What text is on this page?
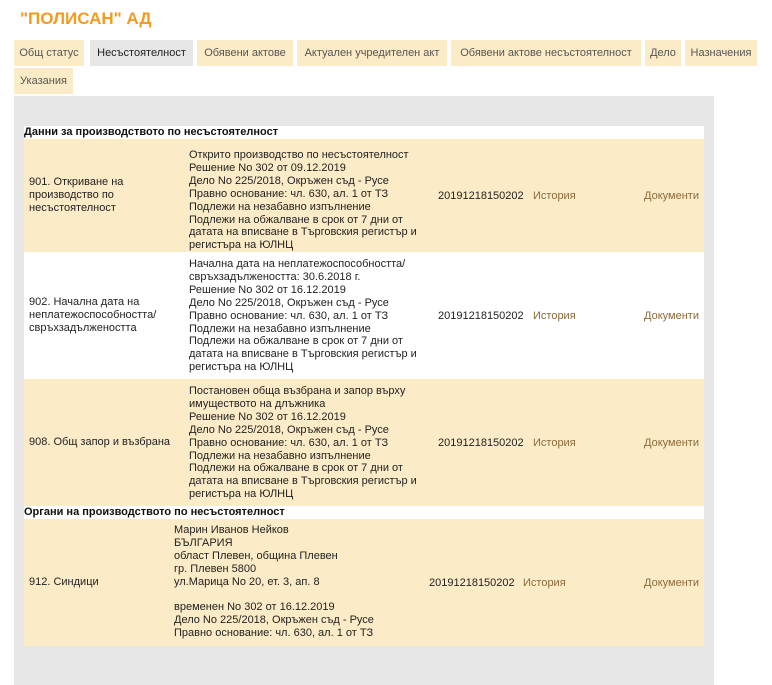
"ПОЛИСАН" АД
Общ статус	Несъстоятелност	Обявени актове	Актуален учредителен акт	Обявени актове несъстоятелност	Дело	Назначения
Указания
Данни за производството по несъстоятелност
901. Откриване на производство по несъстоятелност
Открито производство по несъстоятелност
Решение No 302 от 09.12.2019
Дело No 225/2018, Окръжен съд - Русе
Правно основание: чл. 630, ал. 1 от ТЗ
Подлежи на незабавно изпълнение
Подлежи на обжалване в срок от 7 дни от датата на вписване в Търговския регистър и регистъра на ЮЛНЦ
20191218150202 История	Документи
902. Начална дата на неплатежоспособността/ свръхзадължеността
Начална дата на неплатежоспособността/ свръхзадължеността: 30.6.2018 г.
Решение No 302 от 16.12.2019
Дело No 225/2018, Окръжен съд - Русе
Правно основание: чл. 630, ал. 1 от ТЗ
Подлежи на незабавно изпълнение
Подлежи на обжалване в срок от 7 дни от датата на вписване в Търговския регистър и регистъра на ЮЛНЦ
20191218150202 История	Документи
908. Общ запор и възбрана
Постановен обща възбрана и запор върху имуществото на длъжника
Решение No 302 от 16.12.2019
Дело No 225/2018, Окръжен съд - Русе
Правно основание: чл. 630, ал. 1 от ТЗ
Подлежи на незабавно изпълнение
Подлежи на обжалване в срок от 7 дни от датата на вписване в Търговския регистър и регистъра на ЮЛНЦ
20191218150202 История	Документи
Органи на производството по несъстоятелност
912. Синдици
Марин Иванов Нейков
БЪЛГАРИЯ
област Плевен, община Плевен
гр. Плевен 5800
ул.Марица No 20, ет. 3, ап. 8

временен No 302 от 16.12.2019
Дело No 225/2018, Окръжен съд - Русе
Правно основание: чл. 630, ал. 1 от ТЗ
20191218150202 История	Документи
